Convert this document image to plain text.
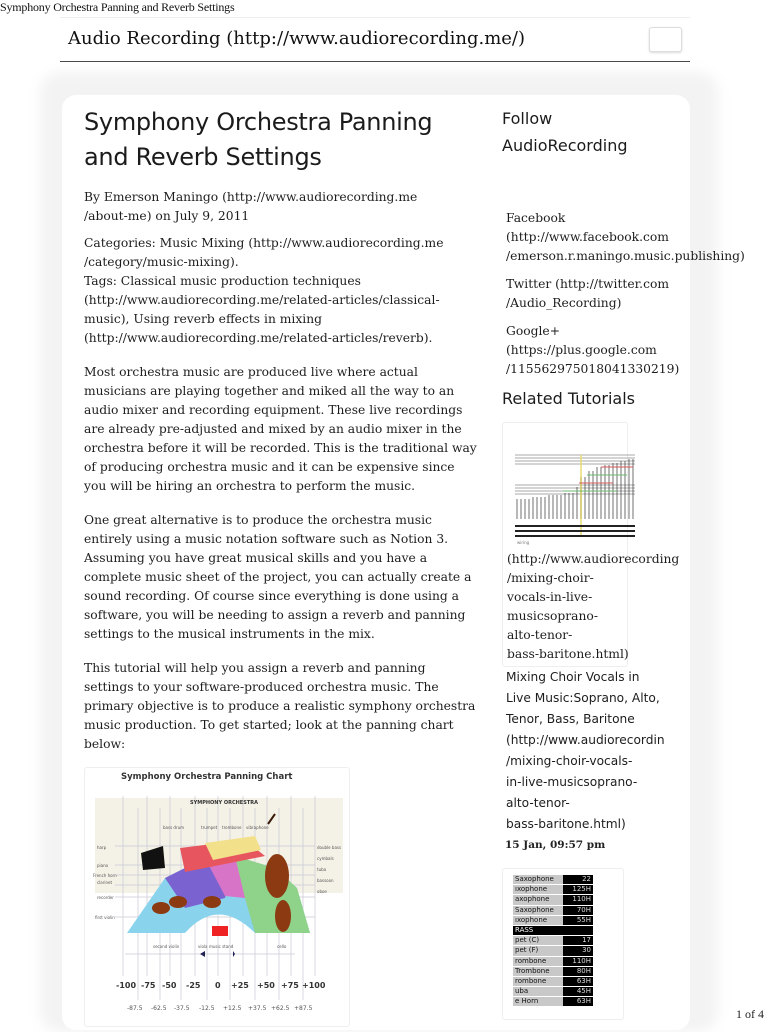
Symphony Orchestra Panning and Reverb Settings
Audio Recording (http://www.audiorecording.me/)
Symphony Orchestra Panning
and Reverb Settings
By Emerson Maningo (http://www.audiorecording.me
/about-me) on July 9, 2011
Categories: Music Mixing (http://www.audiorecording.me
/category/music-mixing).
Tags: Classical music production techniques
(http://www.audiorecording.me/related-articles/classical-
music), Using reverb effects in mixing
(http://www.audiorecording.me/related-articles/reverb).
Most orchestra music are produced live where actual
musicians are playing together and miked all the way to an
audio mixer and recording equipment. These live recordings
are already pre-adjusted and mixed by an audio mixer in the
orchestra before it will be recorded. This is the traditional way
of producing orchestra music and it can be expensive since
you will be hiring an orchestra to perform the music.
One great alternative is to produce the orchestra music
entirely using a music notation software such as Notion 3.
Assuming you have great musical skills and you have a
complete music sheet of the project, you can actually create a
sound recording. Of course since everything is done using a
software, you will be needing to assign a reverb and panning
settings to the musical instruments in the mix.
This tutorial will help you assign a reverb and panning
settings to your software-produced orchestra music. The
primary objective is to produce a realistic symphony orchestra
music production. To get started; look at the panning chart
below:
Symphony Orchestra Panning Chart
SYMPHONY ORCHESTRA
harp
piano
French horn
clarinet
recorder
first violin
double bass
cymbals
tuba
bassoon
oboe
bass drum	trumpet trombone vibraphone
second violin	viola music stand	cello
-100 -75 -50 -25 0 +25 +50 +75 +100
-87.5 -62.5 -37.5 -12.5 +12.5 +37.5 +62.5 +87.5
Follow
AudioRecording
Facebook
(http://www.facebook.com
/emerson.r.maningo.music.publishing)
Twitter (http://twitter.com
/Audio_Recording)
Google+
(https://plus.google.com
/115562975018041330219)
Related Tutorials
wiring
(http://www.audiorecording
/mixing-choir-
vocals-in-live-
musicsoprano-
alto-tenor-
bass-baritone.html)
Mixing Choir Vocals in
Live Music:Soprano, Alto,
Tenor, Bass, Baritone
(http://www.audiorecordin
/mixing-choir-vocals-
in-live-musicsoprano-
alto-tenor-
bass-baritone.html)
15 Jan, 09:57 pm
Saxophone	22
ıxophone	125H
axophone	110H
Saxophone	70H
ıxophone	55H
RASS	
pet (C)	17
pet (F)	30
rombone	110H
Trombone	80H
rombone	63H
uba	45H
e Horn	63H
1 of 4
